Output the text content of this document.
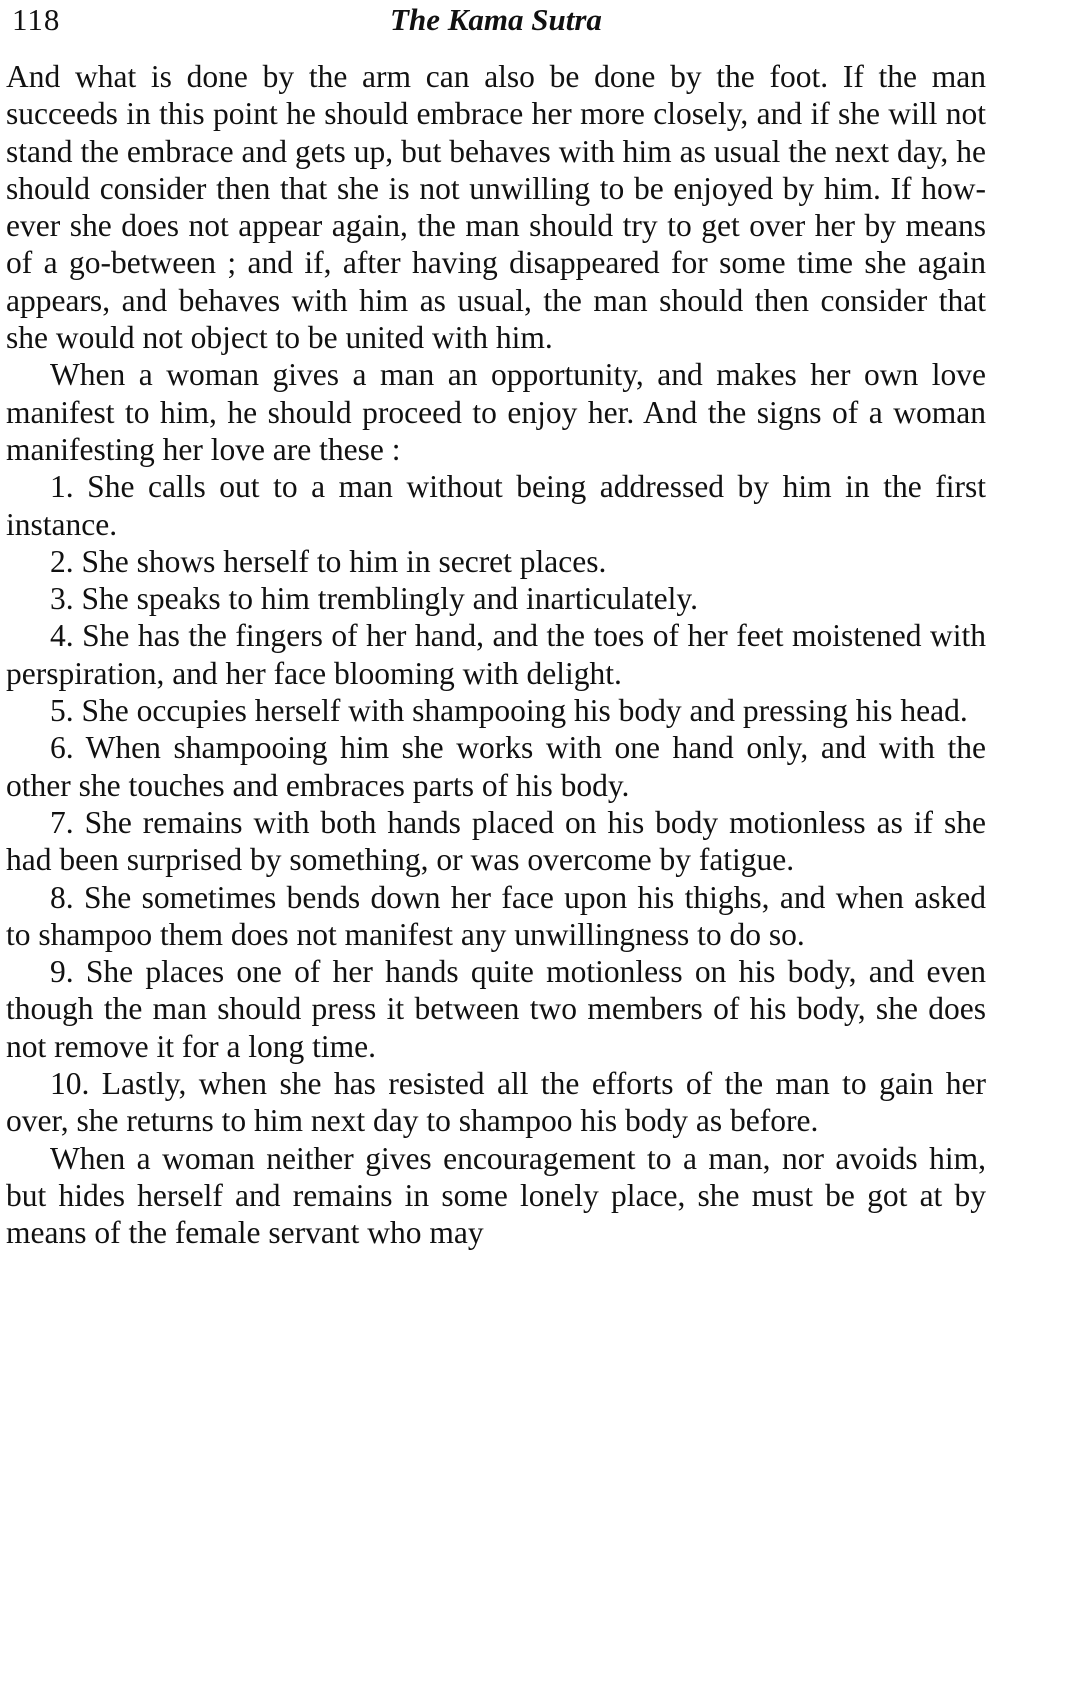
118	The Kama Sutra

And what is done by the arm can also be done by the foot. If the man succeeds in this point he should embrace her more closely, and if she will not stand the embrace and gets up, but behaves with him as usual the next day, he should consider then that she is not unwilling to be enjoyed by him. If however she does not appear again, the man should try to get over her by means of a go-between ; and if, after having disappeared for some time she again appears, and behaves with him as usual, the man should then consider that she would not object to be united with him.

When a woman gives a man an opportunity, and makes her own love manifest to him, he should proceed to enjoy her. And the signs of a woman manifesting her love are these :

1. She calls out to a man without being addressed by him in the first instance.

2. She shows herself to him in secret places.

3. She speaks to him tremblingly and inarticulately.

4. She has the fingers of her hand, and the toes of her feet moistened with perspiration, and her face blooming with delight.

5. She occupies herself with shampooing his body and pressing his head.

6. When shampooing him she works with one hand only, and with the other she touches and embraces parts of his body.

7. She remains with both hands placed on his body motionless as if she had been surprised by something, or was overcome by fatigue.

8. She sometimes bends down her face upon his thighs, and when asked to shampoo them does not manifest any unwillingness to do so.

9. She places one of her hands quite motionless on his body, and even though the man should press it between two members of his body, she does not remove it for a long time.

10. Lastly, when she has resisted all the efforts of the man to gain her over, she returns to him next day to shampoo his body as before.

When a woman neither gives encouragement to a man, nor avoids him, but hides herself and remains in some lonely place, she must be got at by means of the female servant who may
